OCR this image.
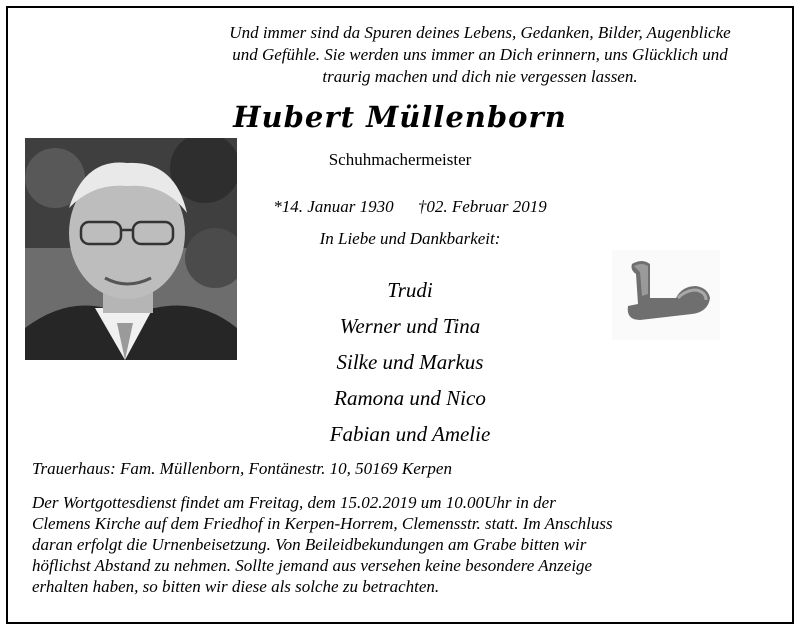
Und immer sind da Spuren deines Lebens, Gedanken, Bilder, Augenblicke
und Gefühle. Sie werden uns immer an Dich erinnern, uns Glücklich und
traurig machen und dich nie vergessen lassen.
Hubert Müllenborn
Schuhmachermeister
*14. Januar 1930 †02. Februar 2019
In Liebe und Dankbarkeit:
Trudi
Werner und Tina
Silke und Markus
Ramona und Nico
Fabian und Amelie
Trauerhaus: Fam. Müllenborn, Fontänestr. 10, 50169 Kerpen
Der Wortgottesdienst findet am Freitag, dem 15.02.2019 um 10.00Uhr in der
Clemens Kirche auf dem Friedhof in Kerpen-Horrem, Clemensstr. statt. Im Anschluss
daran erfolgt die Urnenbeisetzung. Von Beileidbekundungen am Grabe bitten wir
höflichst Abstand zu nehmen. Sollte jemand aus versehen keine besondere Anzeige
erhalten haben, so bitten wir diese als solche zu betrachten.
